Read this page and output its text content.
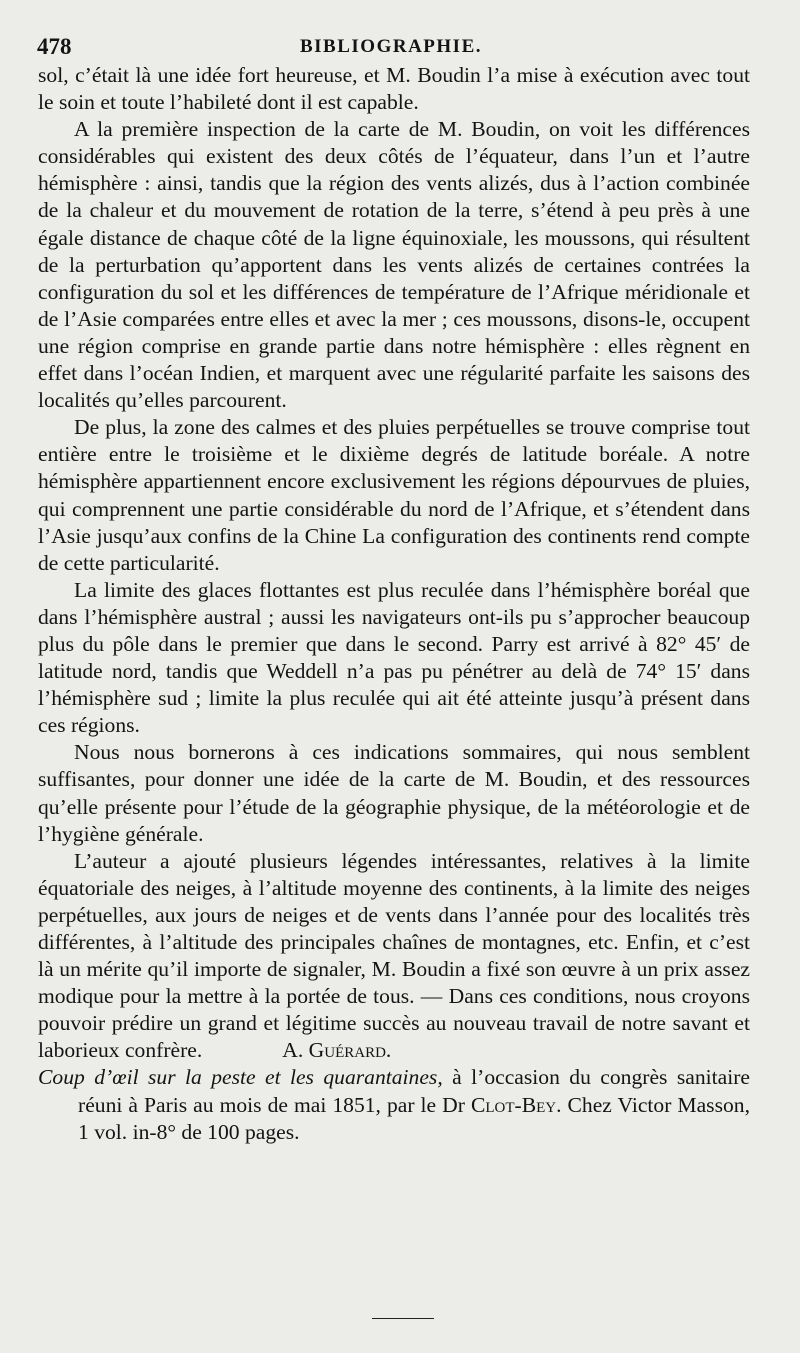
478	BIBLIOGRAPHIE.

sol, c’était là une idée fort heureuse, et M. Boudin l’a mise à exécution avec tout le soin et toute l’habileté dont il est capable.

A la première inspection de la carte de M. Boudin, on voit les différences considérables qui existent des deux côtés de l’équateur, dans l’un et l’autre hémisphère : ainsi, tandis que la région des vents alizés, dus à l’action combinée de la chaleur et du mouvement de rotation de la terre, s’étend à peu près à une égale distance de chaque côté de la ligne équinoxiale, les moussons, qui résultent de la perturbation qu’apportent dans les vents alizés de certaines contrées la configuration du sol et les différences de température de l’Afrique méridionale et de l’Asie comparées entre elles et avec la mer ; ces moussons, disons-le, occupent une région comprise en grande partie dans notre hémisphère : elles règnent en effet dans l’océan Indien, et marquent avec une régularité parfaite les saisons des localités qu’elles parcourent.

De plus, la zone des calmes et des pluies perpétuelles se trouve comprise tout entière entre le troisième et le dixième degrés de latitude boréale. A notre hémisphère appartiennent encore exclusivement les régions dépourvues de pluies, qui comprennent une partie considérable du nord de l’Afrique, et s’étendent dans l’Asie jusqu’aux confins de la Chine La configuration des continents rend compte de cette particularité.

La limite des glaces flottantes est plus reculée dans l’hémisphère boréal que dans l’hémisphère austral ; aussi les navigateurs ont-ils pu s’approcher beaucoup plus du pôle dans le premier que dans le second. Parry est arrivé à 82° 45′ de latitude nord, tandis que Weddell n’a pas pu pénétrer au delà de 74° 15′ dans l’hémisphère sud ; limite la plus reculée qui ait été atteinte jusqu’à présent dans ces régions.

Nous nous bornerons à ces indications sommaires, qui nous semblent suffisantes, pour donner une idée de la carte de M. Boudin, et des ressources qu’elle présente pour l’étude de la géographie physique, de la météorologie et de l’hygiène générale.

L’auteur a ajouté plusieurs légendes intéressantes, relatives à la limite équatoriale des neiges, à l’altitude moyenne des continents, à la limite des neiges perpétuelles, aux jours de neiges et de vents dans l’année pour des localités très différentes, à l’altitude des principales chaînes de montagnes, etc. Enfin, et c’est là un mérite qu’il importe de signaler, M. Boudin a fixé son œuvre à un prix assez modique pour la mettre à la portée de tous. — Dans ces conditions, nous croyons pouvoir prédire un grand et légitime succès au nouveau travail de notre savant et laborieux confrère.	A. Guérard.

Coup d’œil sur la peste et les quarantaines, à l’occasion du congrès sanitaire réuni à Paris au mois de mai 1851, par le Dr Clot-Bey. Chez Victor Masson, 1 vol. in-8° de 100 pages.
